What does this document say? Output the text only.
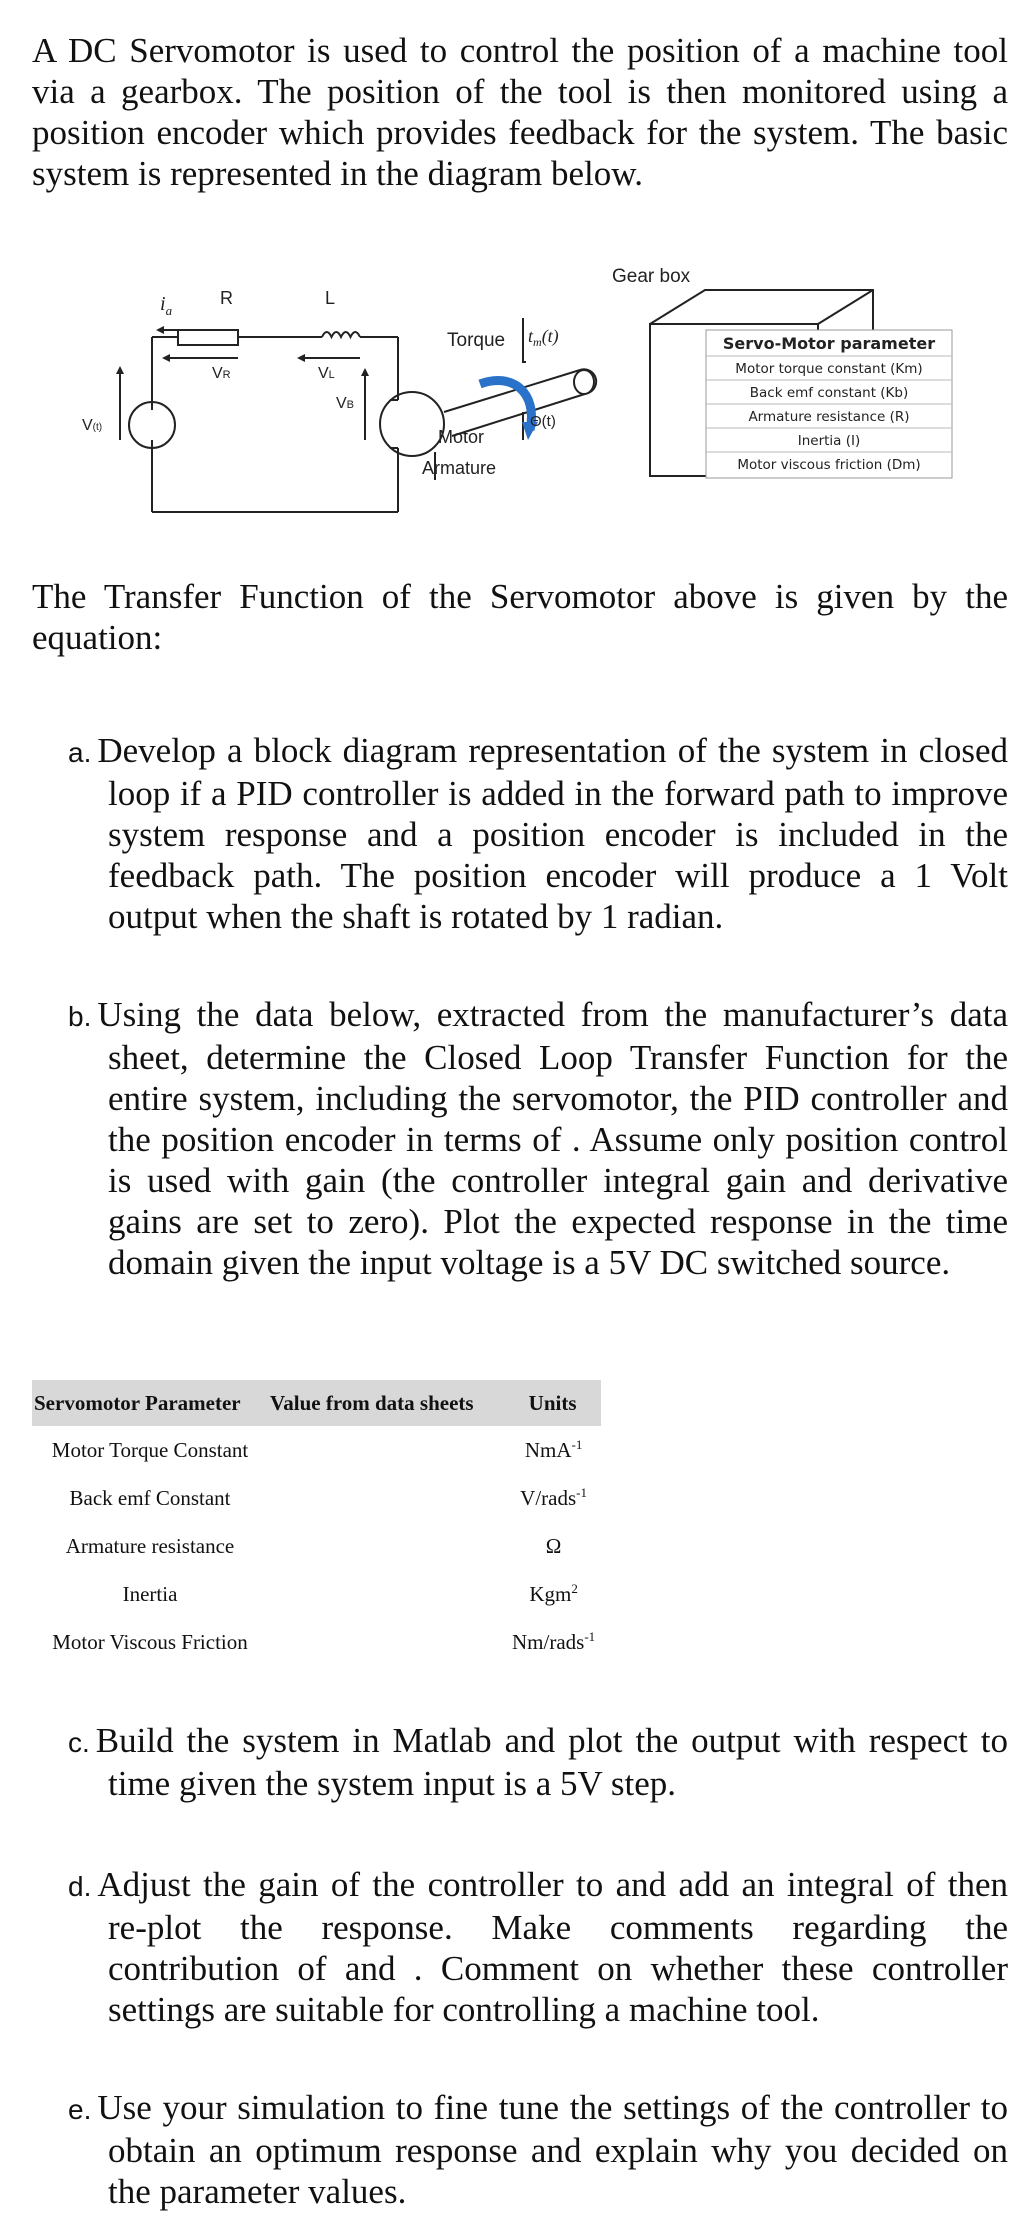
A DC Servomotor is used to control the position of a machine tool via a gearbox. The position of the tool is then monitored using a position encoder which provides feedback for the system. The basic system is represented in the diagram below.
Gear box
$i_a$
R	L
VR	VL
V(t)
VB
Torque $t_m(t)$
Θ(t)
Motor
Armature
Servo-Motor parameter
Motor torque constant (Km)
Back emf constant (Kb)
Armature resistance (R)
Inertia (I)
Motor viscous friction (Dm)
The Transfer Function of the Servomotor above is given by the equation:
a. Develop a block diagram representation of the system in closed loop if a PID controller is added in the forward path to improve system response and a position encoder is included in the feedback path. The position encoder will produce a 1 Volt output when the shaft is rotated by 1 radian.
b. Using the data below, extracted from the manufacturer’s data sheet, determine the Closed Loop Transfer Function for the entire system, including the servomotor, the PID controller and the position encoder in terms of . Assume only position control is used with gain (the controller integral gain and derivative gains are set to zero). Plot the expected response in the time domain given the input voltage is a 5V DC switched source.
Servomotor Parameter	Value from data sheets	Units
Motor Torque Constant		NmA$^{-1}$
Back emf Constant		V/rads$^{-1}$
Armature resistance		Ω
Inertia		Kgm$^2$
Motor Viscous Friction		Nm/rads$^{-1}$
c. Build the system in Matlab and plot the output with respect to time given the system input is a 5V step.
d. Adjust the gain of the controller to and add an integral of then re-plot the response. Make comments regarding the contribution of and . Comment on whether these controller settings are suitable for controlling a machine tool.
e. Use your simulation to fine tune the settings of the controller to obtain an optimum response and explain why you decided on the parameter values.
